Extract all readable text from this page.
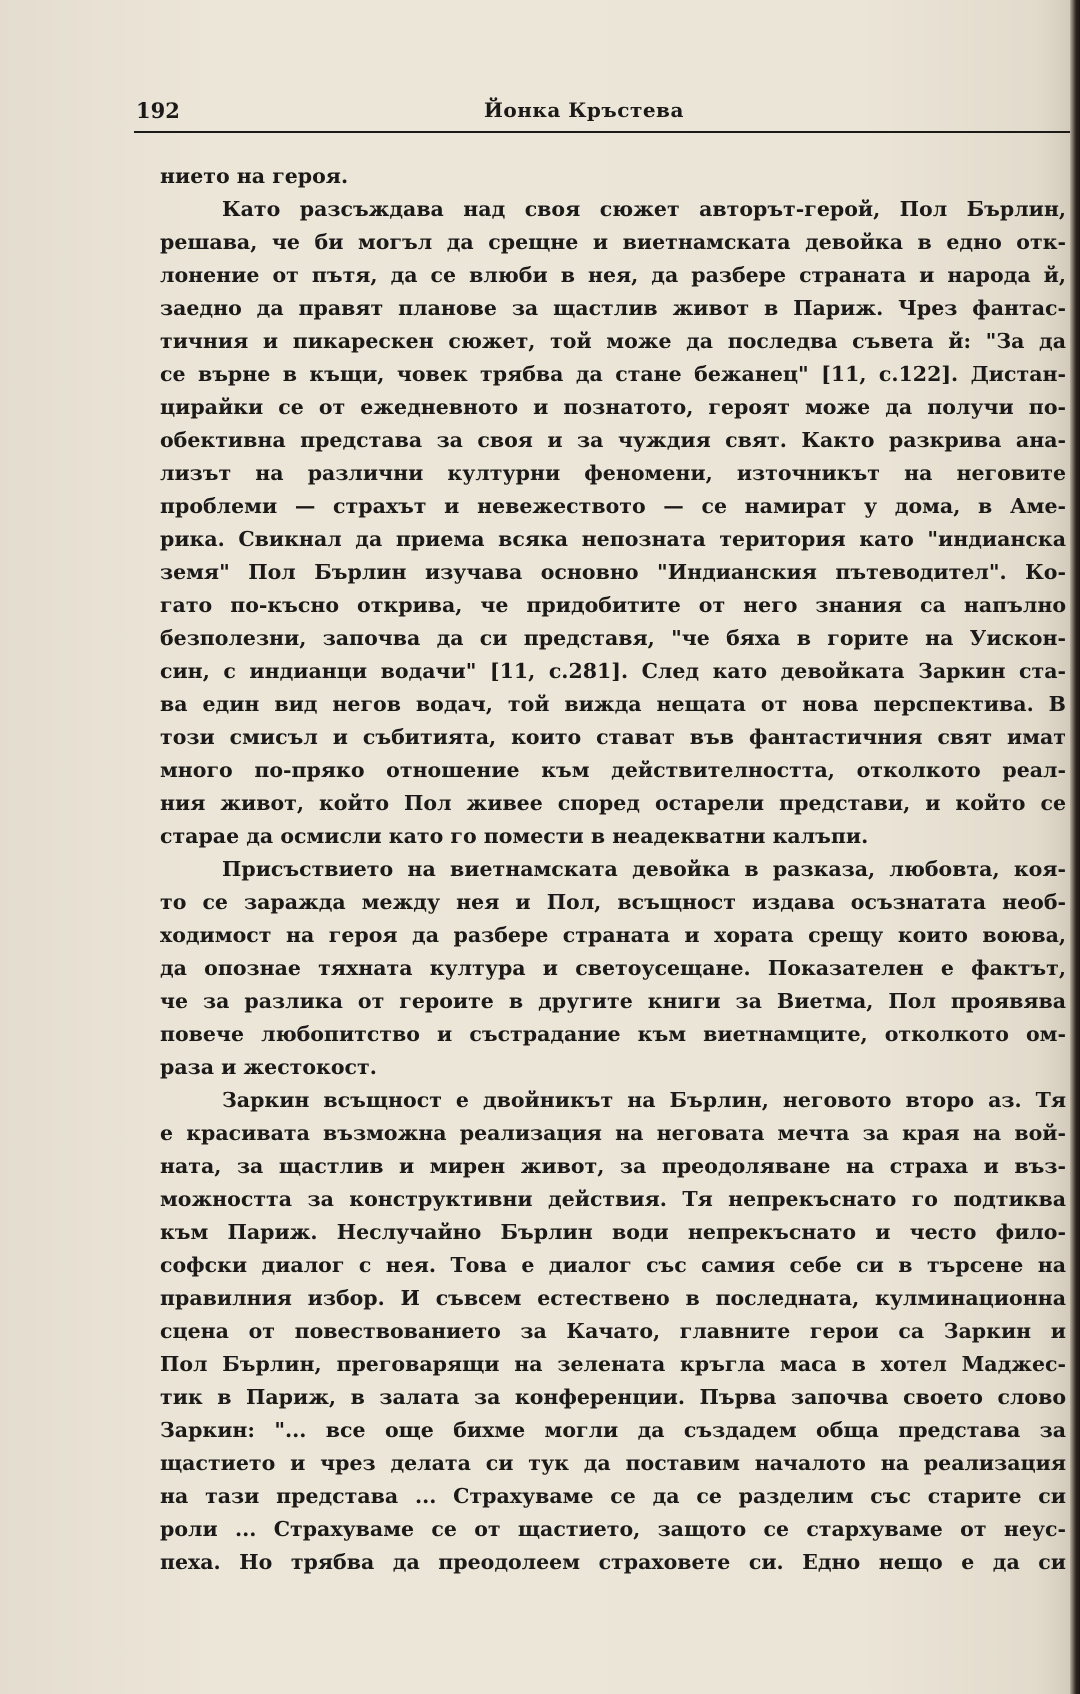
192	Йонка Кръстева
нието на героя.
Като разсъждава над своя сюжет авторът-герой, Пол Бърлин,
решава, че би могъл да срещне и виетнамската девойка в едно отк-
лонение от пътя, да се влюби в нея, да разбере страната и народа й,
заедно да правят планове за щастлив живот в Париж. Чрез фантас-
тичния и пикарескен сюжет, той може да последва съвета й: "За да
се върне в къщи, човек трябва да стане бежанец" [11, с.122]. Дистан-
цирайки се от ежедневното и познатото, героят може да получи по-
обективна представа за своя и за чуждия свят. Както разкрива ана-
лизът на различни културни феномени, източникът на неговите
проблеми — страхът и невежеството — се намират у дома, в Аме-
рика. Свикнал да приема всяка непозната територия като "индианска
земя" Пол Бърлин изучава основно "Индианския пътеводител". Ко-
гато по-късно открива, че придобитите от него знания са напълно
безполезни, започва да си представя, "че бяха в горите на Уискон-
син, с индианци водачи" [11, с.281]. След като девойката Заркин ста-
ва един вид негов водач, той вижда нещата от нова перспектива. В
този смисъл и събитията, които стават във фантастичния свят имат
много по-пряко отношение към действителността, отколкото реал-
ния живот, който Пол живее според остарели представи, и който се
старае да осмисли като го помести в неадекватни калъпи.
Присъствието на виетнамската девойка в разказа, любовта, коя-
то се заражда между нея и Пол, всъщност издава осъзнатата необ-
ходимост на героя да разбере страната и хората срещу които воюва,
да опознае тяхната култура и светоусещане. Показателен е фактът,
че за разлика от героите в другите книги за Виетма, Пол проявява
повече любопитство и състрадание към виетнамците, отколкото ом-
раза и жестокост.
Заркин всъщност е двойникът на Бърлин, неговото второ аз. Тя
е красивата възможна реализация на неговата мечта за края на вой-
ната, за щастлив и мирен живот, за преодоляване на страха и въз-
можността за конструктивни действия. Тя непрекъснато го подтиква
към Париж. Неслучайно Бърлин води непрекъснато и често фило-
софски диалог с нея. Това е диалог със самия себе си в търсене на
правилния избор. И съвсем естествено в последната, кулминационна
сцена от повествованието за Качато, главните герои са Заркин и
Пол Бърлин, преговарящи на зелената кръгла маса в хотел Маджес-
тик в Париж, в залата за конференции. Първа започва своето слово
Заркин: "... все още бихме могли да създадем обща представа за
щастието и чрез делата си тук да поставим началото на реализация
на тази представа ... Страхуваме се да се разделим със старите си
роли ... Страхуваме се от щастието, защото се стархуваме от неус-
пеха. Но трябва да преодолеем страховете си. Едно нещо е да си
